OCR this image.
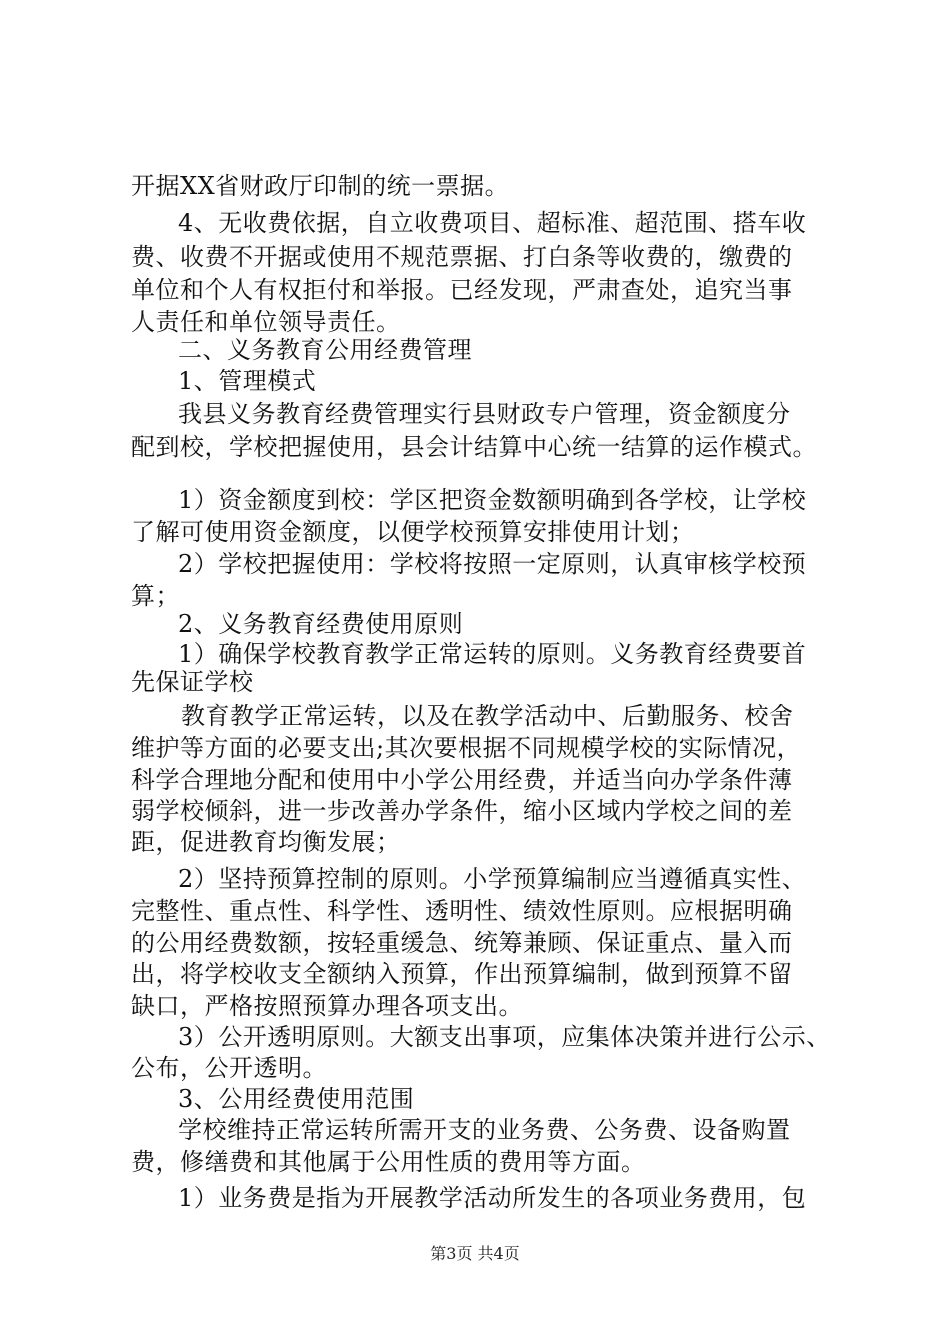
开据XX省财政厅印制的统一票据。
4、无收费依据，自立收费项目、超标准、超范围、搭车收
费、收费不开据或使用不规范票据、打白条等收费的，缴费的
单位和个人有权拒付和举报。已经发现，严肃查处，追究当事
人责任和单位领导责任。
二、义务教育公用经费管理
1、管理模式
我县义务教育经费管理实行县财政专户管理，资金额度分
配到校，学校把握使用，县会计结算中心统一结算的运作模式。
1）资金额度到校：学区把资金数额明确到各学校，让学校
了解可使用资金额度，以便学校预算安排使用计划；
2）学校把握使用：学校将按照一定原则，认真审核学校预
算；
2、义务教育经费使用原则
1）确保学校教育教学正常运转的原则。义务教育经费要首
先保证学校
教育教学正常运转，以及在教学活动中、后勤服务、校舍
维护等方面的必要支出;其次要根据不同规模学校的实际情况，
科学合理地分配和使用中小学公用经费，并适当向办学条件薄
弱学校倾斜，进一步改善办学条件，缩小区域内学校之间的差
距，促进教育均衡发展；
2）坚持预算控制的原则。小学预算编制应当遵循真实性、
完整性、重点性、科学性、透明性、绩效性原则。应根据明确
的公用经费数额，按轻重缓急、统筹兼顾、保证重点、量入而
出，将学校收支全额纳入预算，作出预算编制，做到预算不留
缺口，严格按照预算办理各项支出。
3）公开透明原则。大额支出事项，应集体决策并进行公示、
公布，公开透明。
3、公用经费使用范围
学校维持正常运转所需开支的业务费、公务费、设备购置
费，修缮费和其他属于公用性质的费用等方面。
1）业务费是指为开展教学活动所发生的各项业务费用，包
第3页 共4页
